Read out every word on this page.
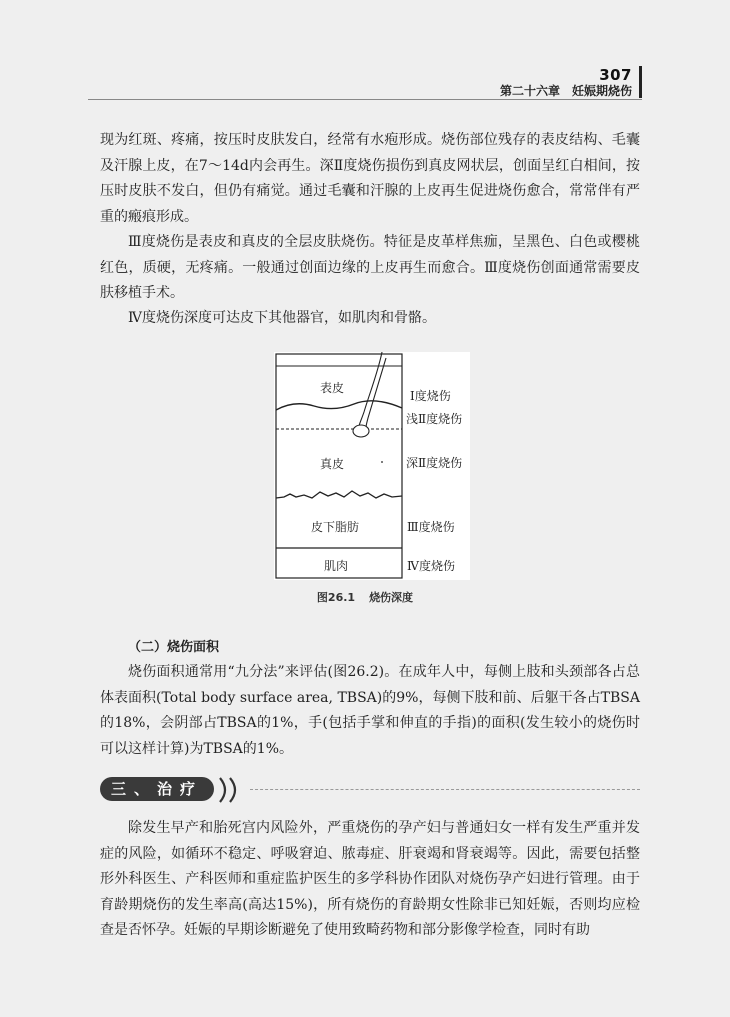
307
第二十六章　妊娠期烧伤

现为红斑、疼痛，按压时皮肤发白，经常有水疱形成。烧伤部位残存的表皮结构、毛囊及汗腺上皮，在7～14d内会再生。深Ⅱ度烧伤损伤到真皮网状层，创面呈红白相间，按压时皮肤不发白，但仍有痛觉。通过毛囊和汗腺的上皮再生促进烧伤愈合，常常伴有严重的瘢痕形成。

Ⅲ度烧伤是表皮和真皮的全层皮肤烧伤。特征是皮革样焦痂，呈黑色、白色或樱桃红色，质硬，无疼痛。一般通过创面边缘的上皮再生而愈合。Ⅲ度烧伤创面通常需要皮肤移植手术。

Ⅳ度烧伤深度可达皮下其他器官，如肌肉和骨骼。

表皮
真皮
皮下脂肪
肌肉
Ⅰ度烧伤
浅Ⅱ度烧伤
深Ⅱ度烧伤
Ⅲ度烧伤
Ⅳ度烧伤
图26.1 烧伤深度
（二）烧伤面积

烧伤面积通常用“九分法”来评估(图26.2)。在成年人中，每侧上肢和头颈部各占总体表面积(Total body surface area, TBSA)的9%，每侧下肢和前、后躯干各占TBSA的18%，会阴部占TBSA的1%，手(包括手掌和伸直的手指)的面积(发生较小的烧伤时可以这样计算)为TBSA的1%。

三、治疗

除发生早产和胎死宫内风险外，严重烧伤的孕产妇与普通妇女一样有发生严重并发症的风险，如循环不稳定、呼吸窘迫、脓毒症、肝衰竭和肾衰竭等。因此，需要包括整形外科医生、产科医师和重症监护医生的多学科协作团队对烧伤孕产妇进行管理。由于育龄期烧伤的发生率高(高达15%)，所有烧伤的育龄期女性除非已知妊娠，否则均应检查是否怀孕。妊娠的早期诊断避免了使用致畸药物和部分影像学检查，同时有助
